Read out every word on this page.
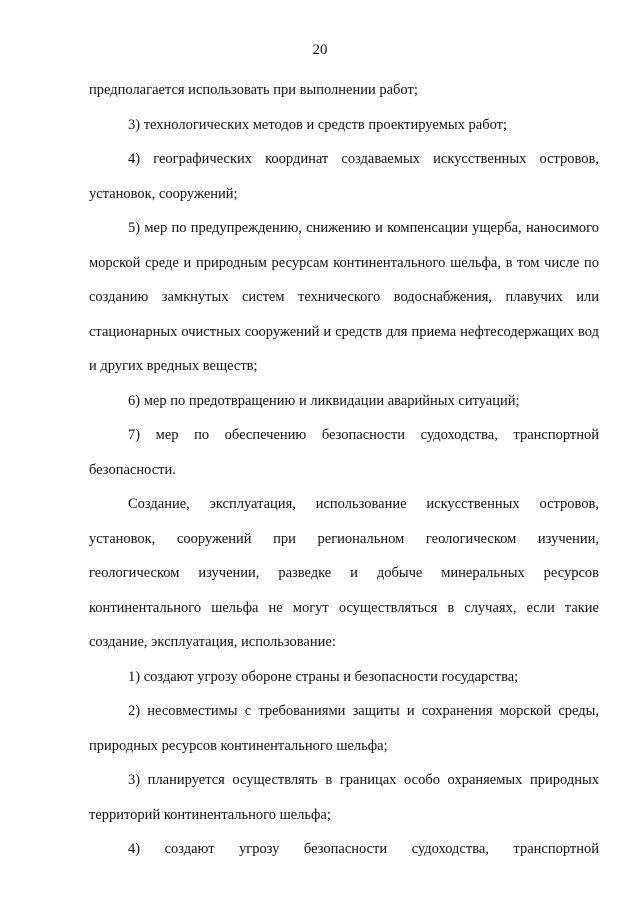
20

предполагается использовать при выполнении работ;

3) технологических методов и средств проектируемых работ;

4) географических координат создаваемых искусственных островов, установок, сооружений;

5) мер по предупреждению, снижению и компенсации ущерба, наносимого морской среде и природным ресурсам континентального шельфа, в том числе по созданию замкнутых систем технического водоснабжения, плавучих или стационарных очистных сооружений и средств для приема нефтесодержащих вод и других вредных веществ;

6) мер по предотвращению и ликвидации аварийных ситуаций;

7) мер по обеспечению безопасности судоходства, транспортной безопасности.

Создание, эксплуатация, использование искусственных островов, установок, сооружений при региональном геологическом изучении, геологическом изучении, разведке и добыче минеральных ресурсов континентального шельфа не могут осуществляться в случаях, если такие создание, эксплуатация, использование:

1) создают угрозу обороне страны и безопасности государства;

2) несовместимы с требованиями защиты и сохранения морской среды, природных ресурсов континентального шельфа;

3) планируется осуществлять в границах особо охраняемых природных территорий континентального шельфа;

4) создают угрозу безопасности судоходства, транспортной
